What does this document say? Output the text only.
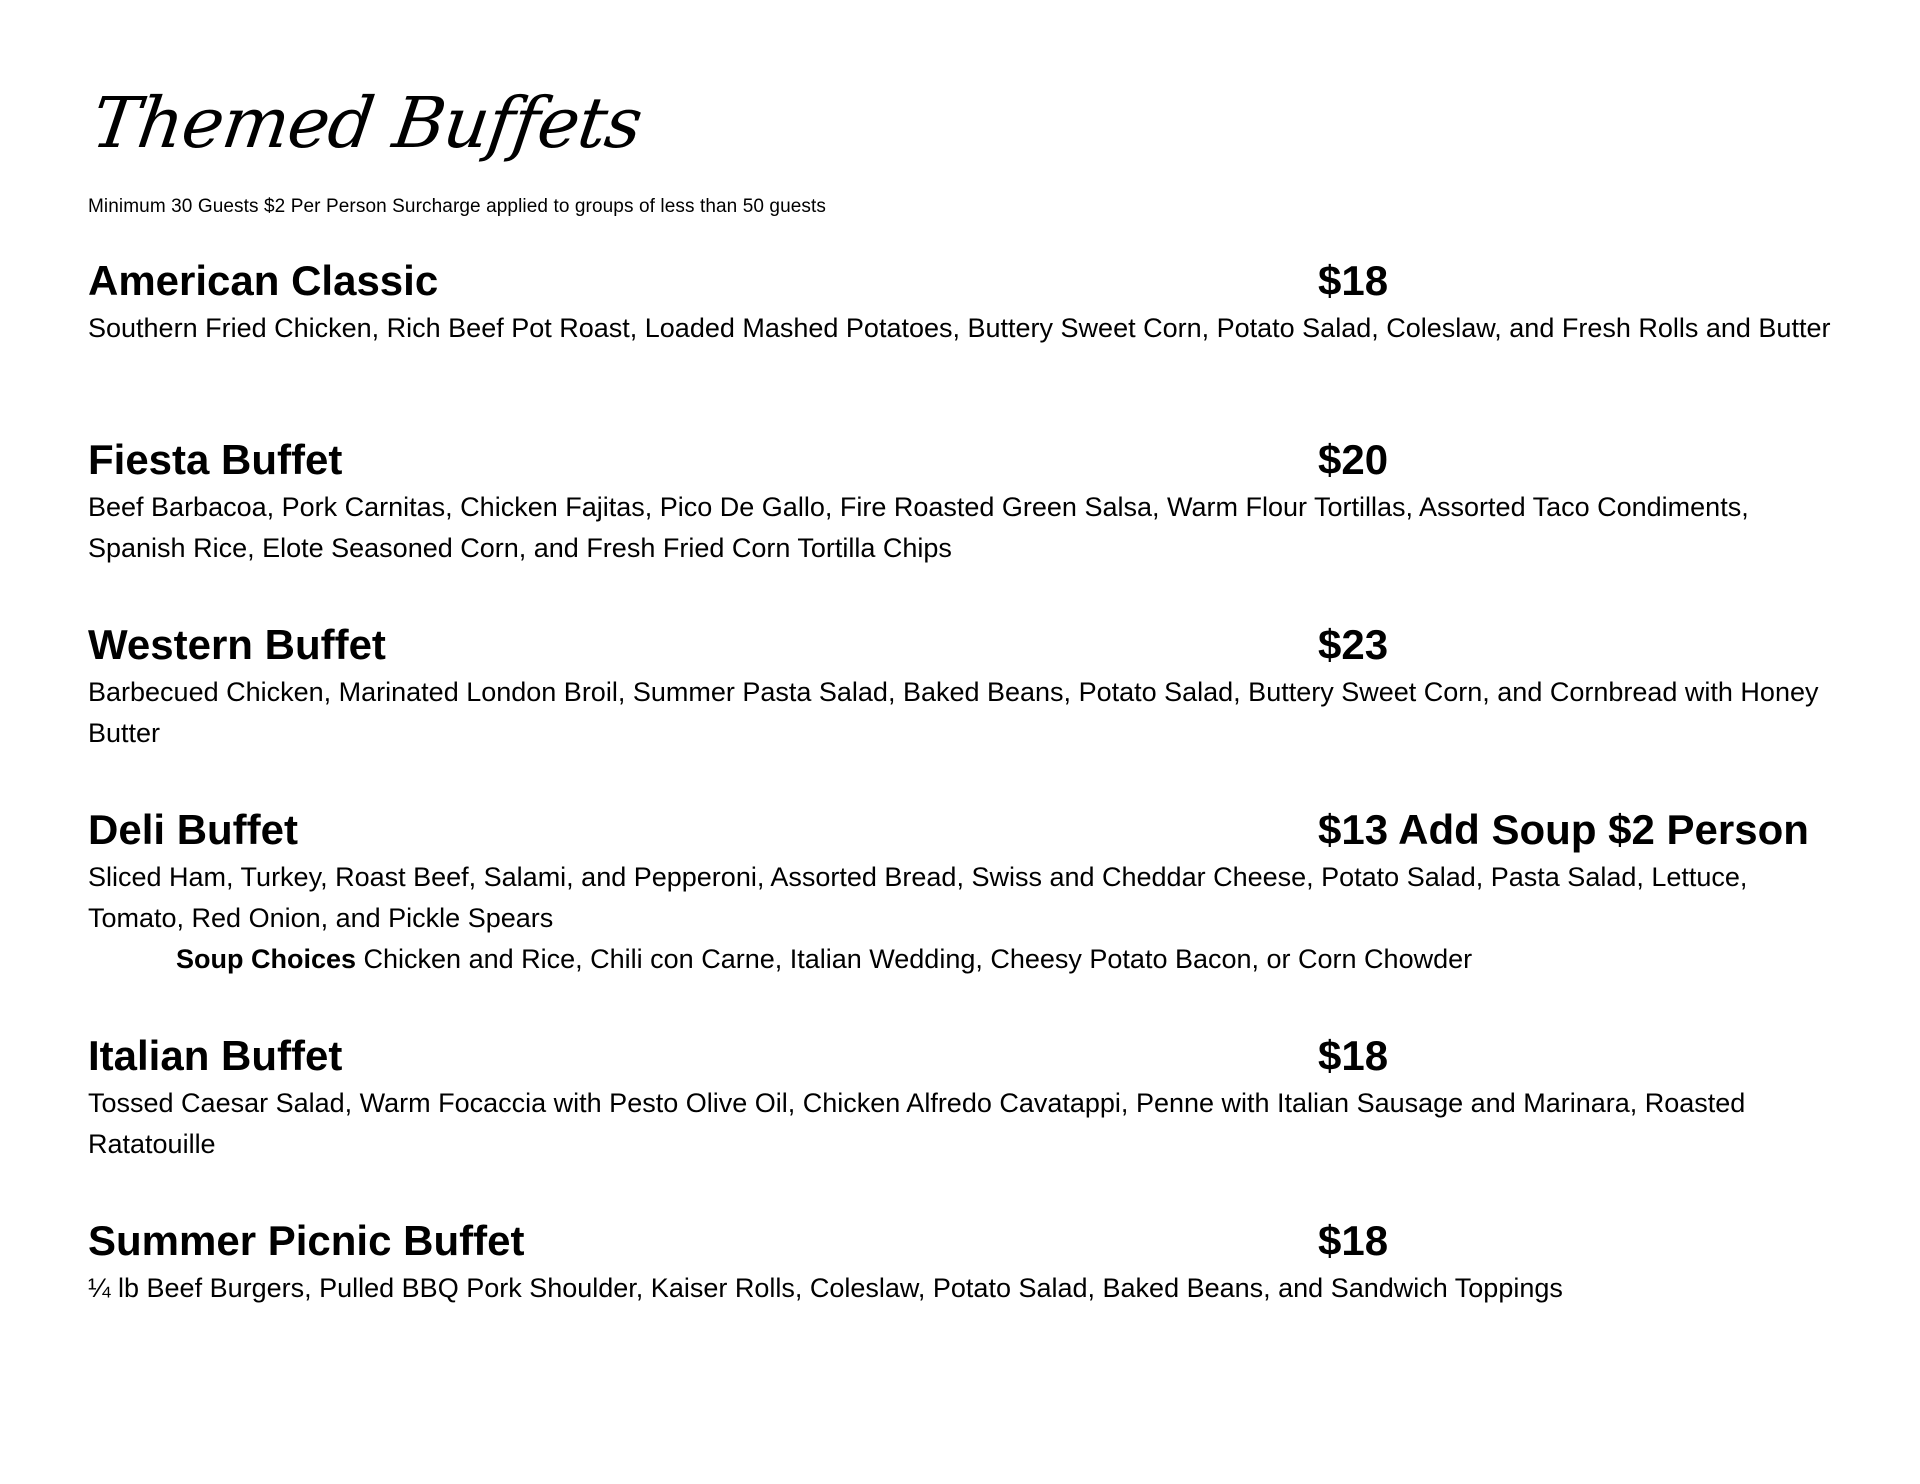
Themed Buffets
Minimum 30 Guests $2 Per Person Surcharge applied to groups of less than 50 guests
American Classic	$18
Southern Fried Chicken, Rich Beef Pot Roast, Loaded Mashed Potatoes, Buttery Sweet Corn, Potato Salad, Coleslaw, and Fresh Rolls and Butter
Fiesta Buffet	$20
Beef Barbacoa, Pork Carnitas, Chicken Fajitas, Pico De Gallo, Fire Roasted Green Salsa, Warm Flour Tortillas, Assorted Taco Condiments, Spanish Rice, Elote Seasoned Corn, and Fresh Fried Corn Tortilla Chips
Western Buffet	$23
Barbecued Chicken, Marinated London Broil, Summer Pasta Salad, Baked Beans, Potato Salad, Buttery Sweet Corn, and Cornbread with Honey Butter
Deli Buffet	$13 Add Soup $2 Person
Sliced Ham, Turkey, Roast Beef, Salami, and Pepperoni, Assorted Bread, Swiss and Cheddar Cheese, Potato Salad, Pasta Salad, Lettuce, Tomato, Red Onion, and Pickle Spears
Soup Choices Chicken and Rice, Chili con Carne, Italian Wedding, Cheesy Potato Bacon, or Corn Chowder
Italian Buffet	$18
Tossed Caesar Salad, Warm Focaccia with Pesto Olive Oil, Chicken Alfredo Cavatappi, Penne with Italian Sausage and Marinara, Roasted Ratatouille
Summer Picnic Buffet	$18
¼ lb Beef Burgers, Pulled BBQ Pork Shoulder, Kaiser Rolls, Coleslaw, Potato Salad, Baked Beans, and Sandwich Toppings
